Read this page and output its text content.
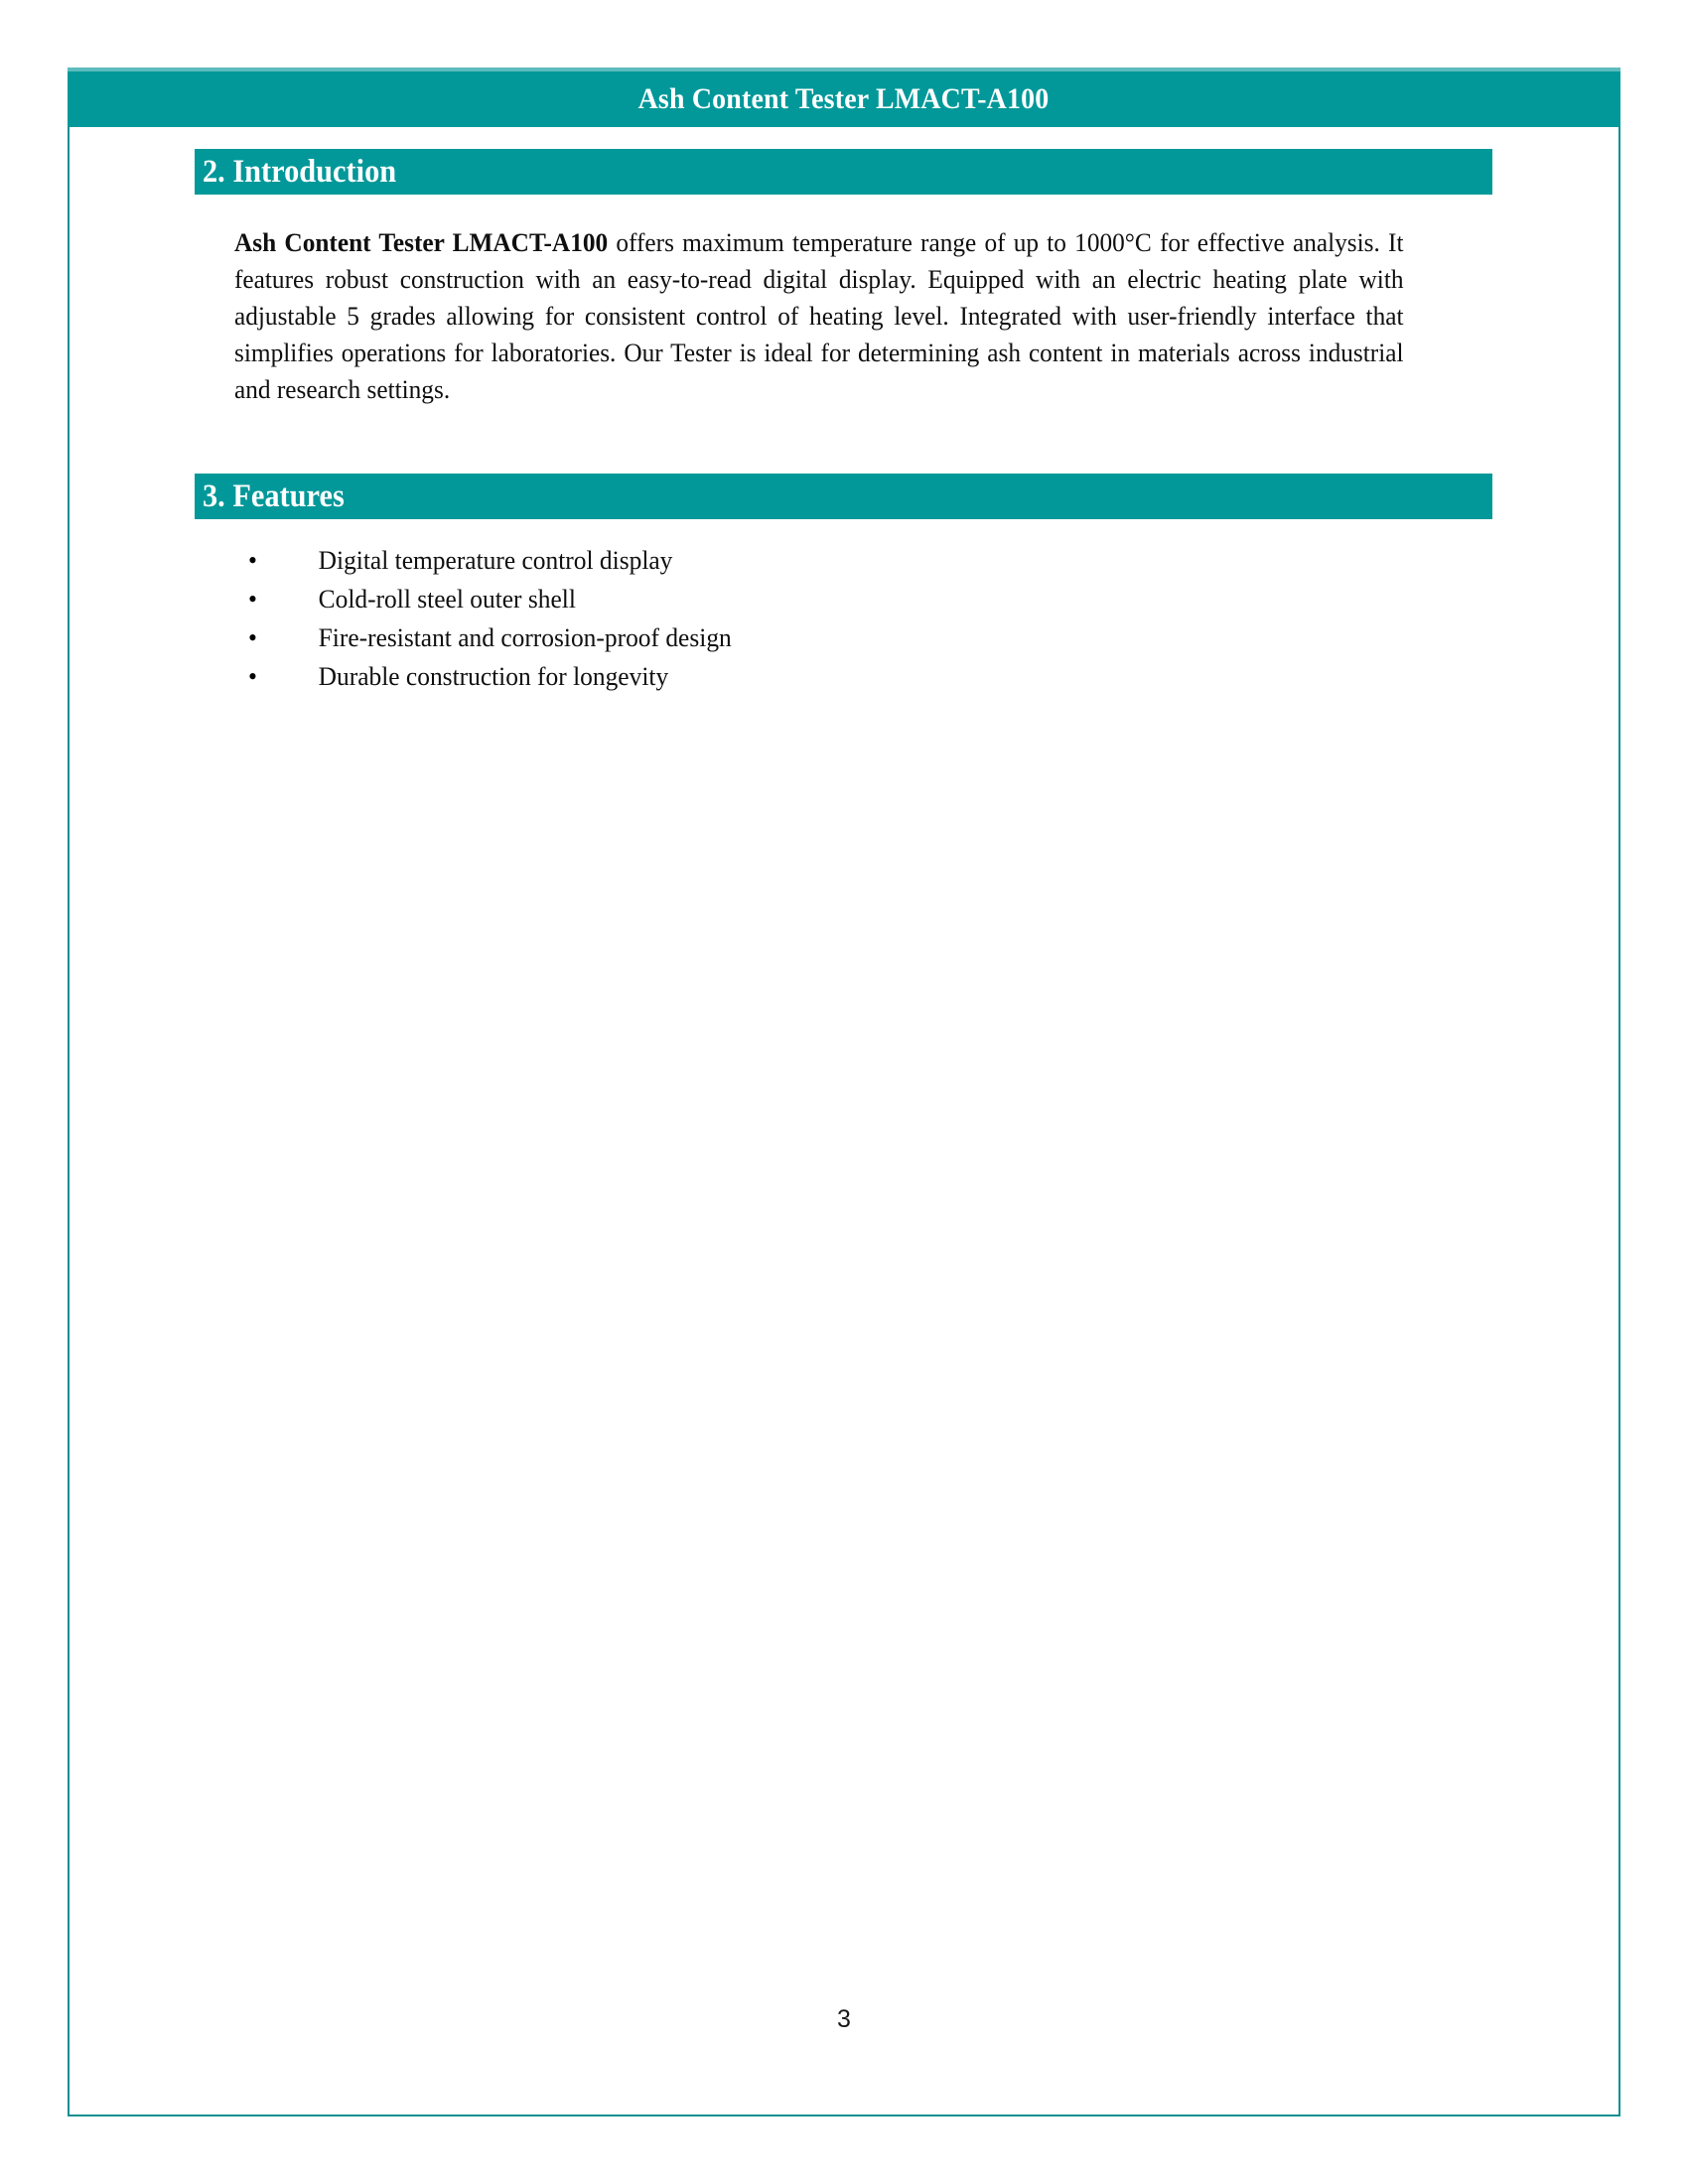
Ash Content Tester LMACT-A100
2. Introduction

Ash Content Tester LMACT-A100 offers maximum temperature range of up to 1000°C for effective analysis. It features robust construction with an easy-to-read digital display. Equipped with an electric heating plate with adjustable 5 grades allowing for consistent control of heating level. Integrated with user-friendly interface that simplifies operations for laboratories. Our Tester is ideal for determining ash content in materials across industrial and research settings.

3. Features
•	Digital temperature control display
•	Cold-roll steel outer shell
•	Fire-resistant and corrosion-proof design
•	Durable construction for longevity
3
